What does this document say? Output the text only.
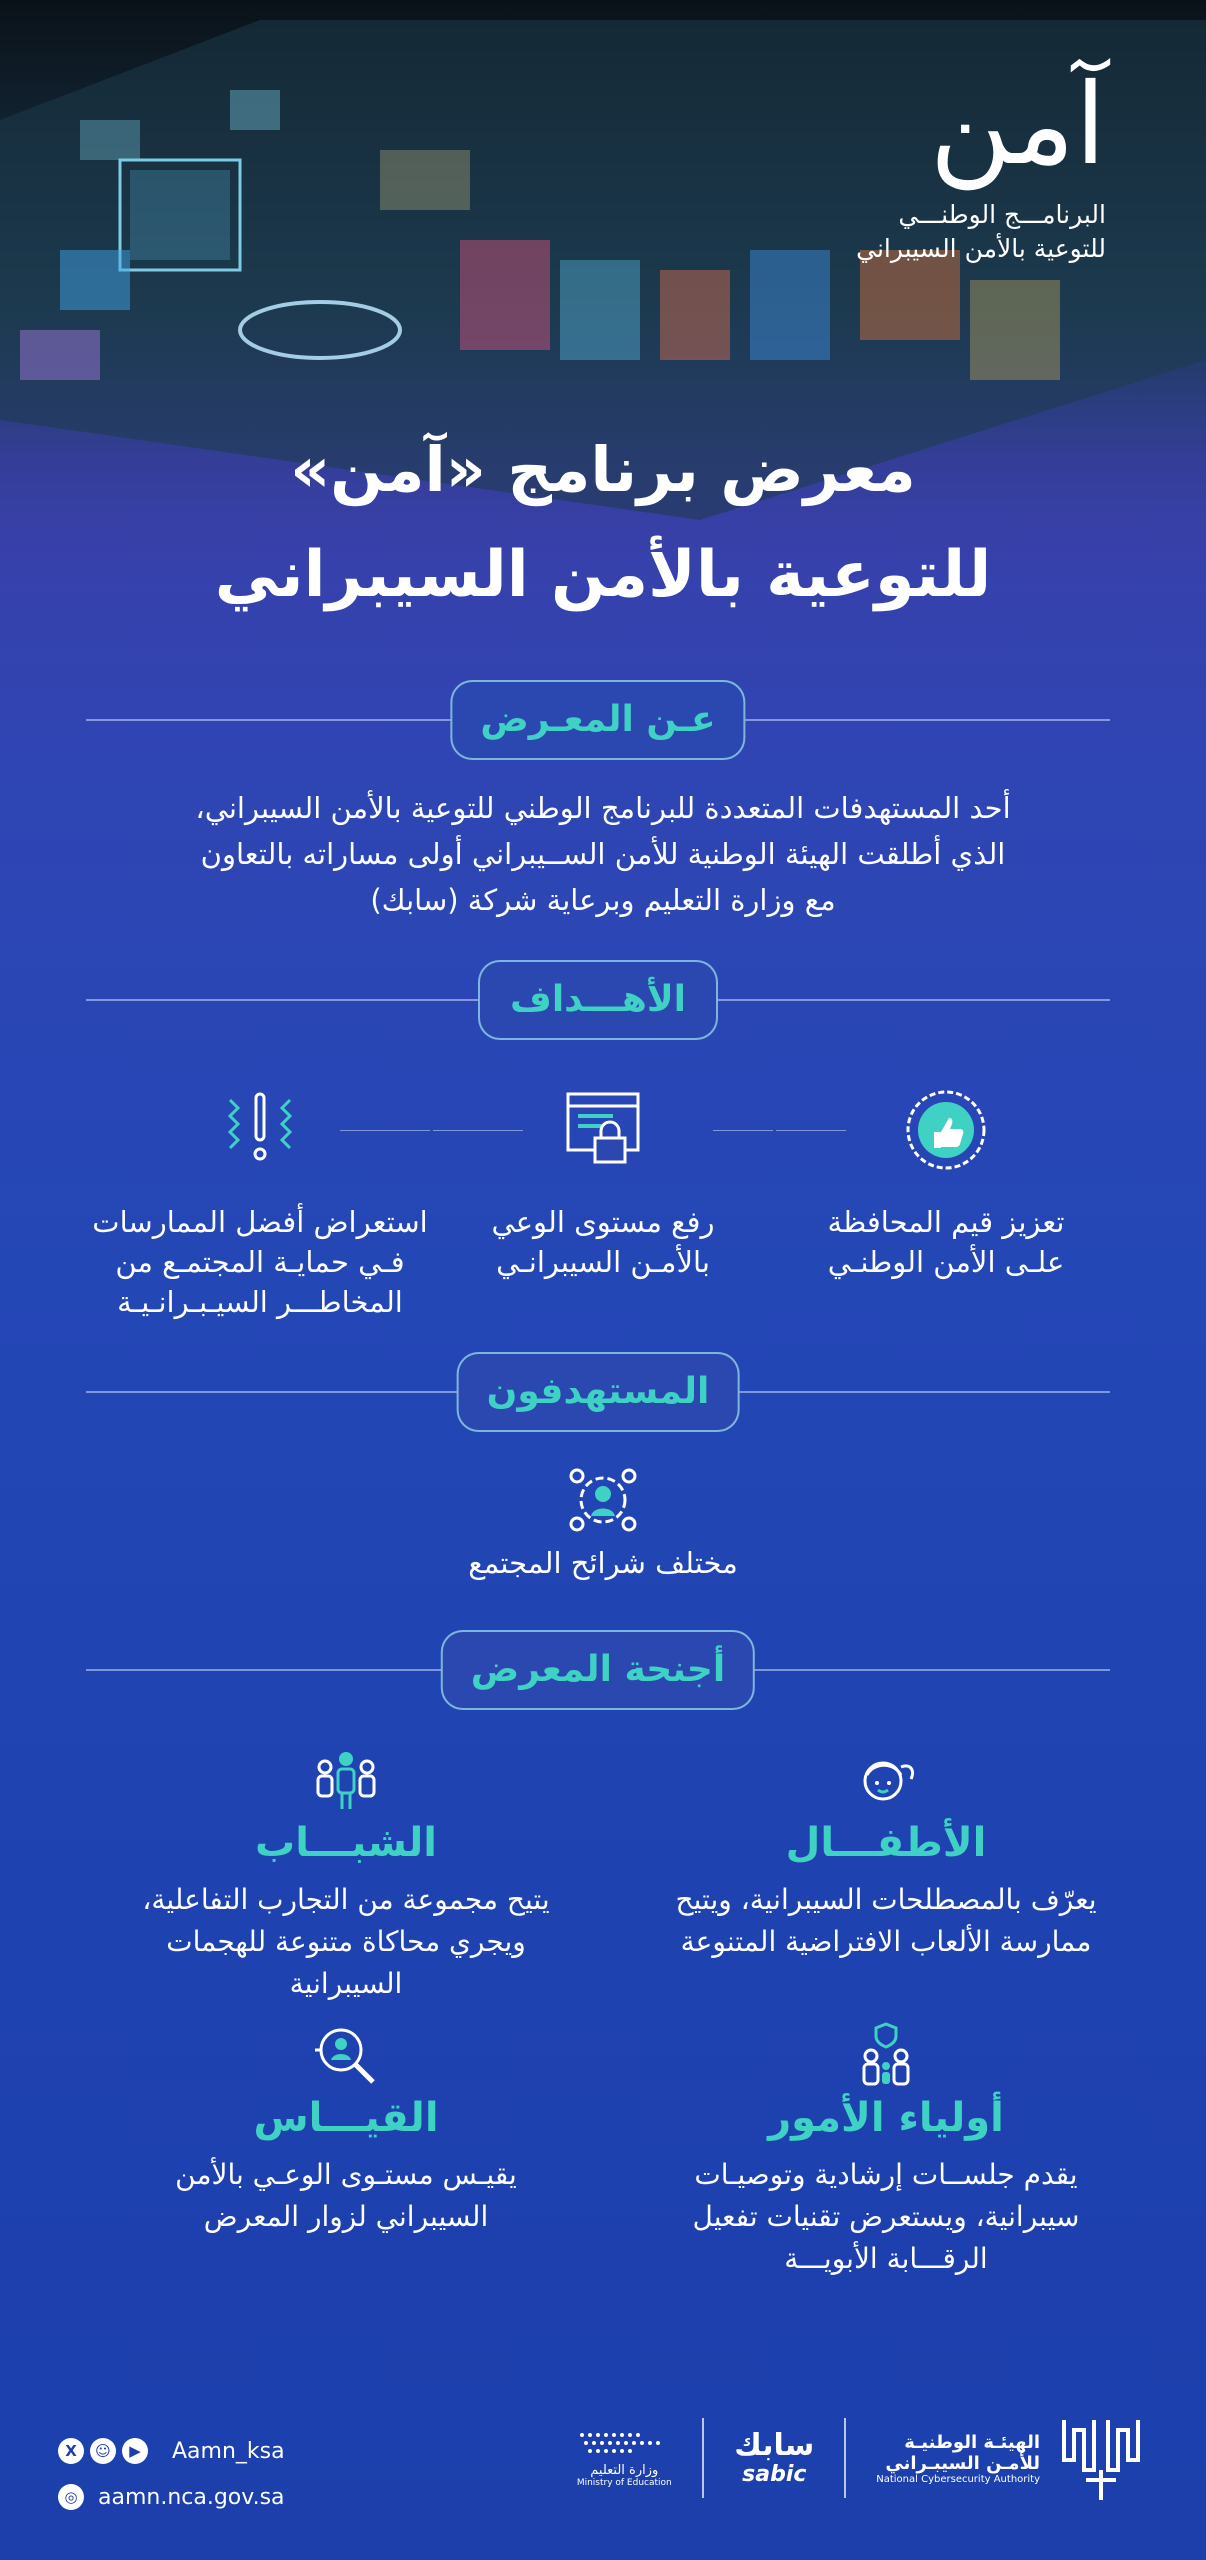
آمن
البرنامـــج الوطنـــي
للتوعية بالأمن السيبراني
معرض برنامج «آمن»
للتوعية بالأمن السيبراني
عـن المعـرض
أحد المستهدفات المتعددة للبرنامج الوطني للتوعية بالأمن السيبراني،
الذي أطلقت الهيئة الوطنية للأمن الســيبراني أولى مساراته بالتعاون
مع وزارة التعليم وبرعاية شركة (سابك)
الأهـــداف
تعزيز قيم المحافظة
علـى الأمن الوطنـي
رفع مستوى الوعي
بالأمـن السيبرانـي
استعراض أفضل الممارسات
فـي حمايـة المجتمـع من
المخاطـــر السيـبـرانـيـة
المستهدفون
مختلف شرائح المجتمع
أجنحة المعرض
الأطفـــال
يعرّف بالمصطلحات السيبرانية، ويتيح
ممارسة الألعاب الافتراضية المتنوعة
الشبـــاب
يتيح مجموعة من التجارب التفاعلية،
ويجري محاكاة متنوعة للهجمات
السيبرانية
أولياء الأمور
يقدم جلســات إرشادية وتوصيـات
سيبرانية، ويستعرض تقنيات تفعيل
الرقـــابة الأبويـــة
القيـــاس
يقيـس مستـوى الوعـي بالأمن
السيبراني لزوار المعرض
X	☺	▶	Aamn_ksa
◎ aamn.nca.gov.sa
وزارة التعليم
Ministry of Education
سابك
sabic
الهيئـة الوطنيـة
للأمـن السيبـراني
National Cybersecurity Authority
